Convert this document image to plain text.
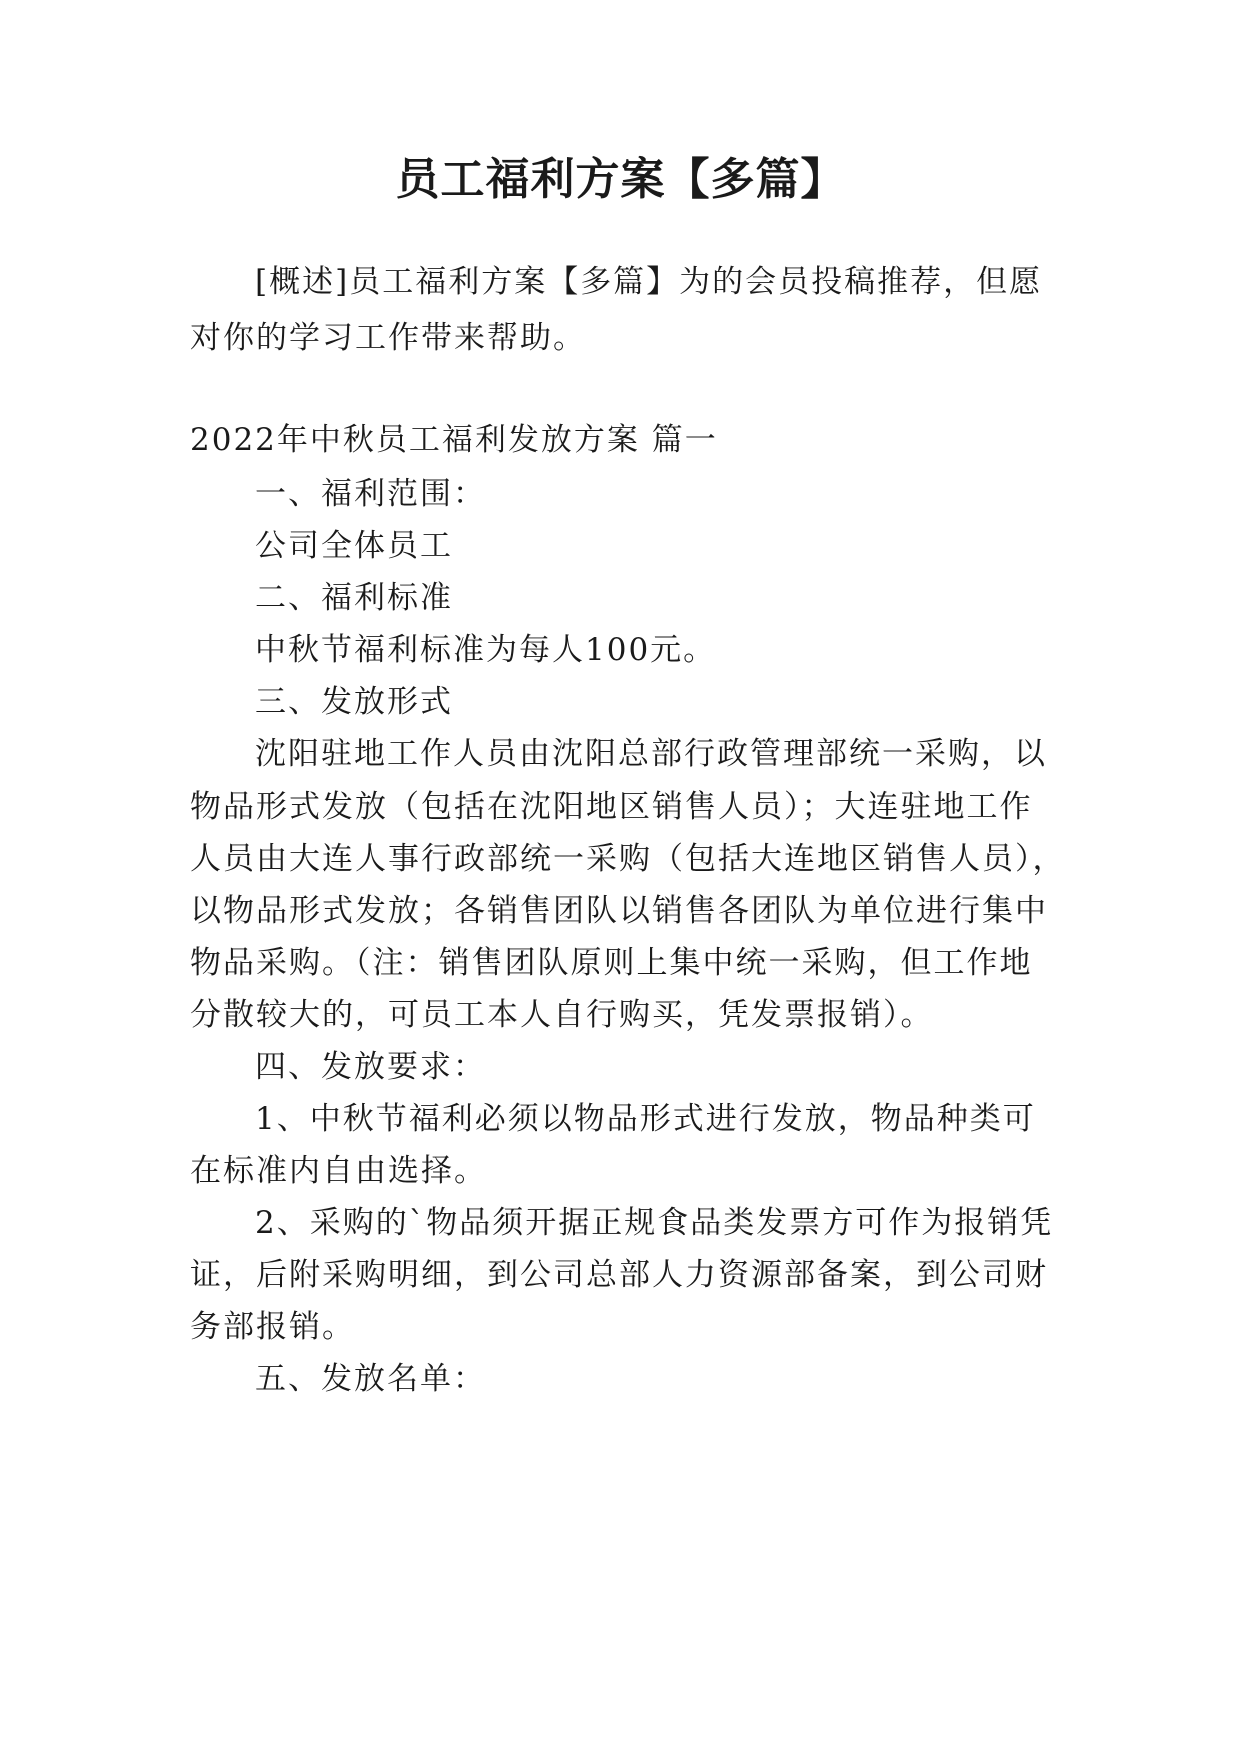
员工福利方案【多篇】
[概述]员工福利方案【多篇】为的会员投稿推荐，但愿
对你的学习工作带来帮助。
2022年中秋员工福利发放方案 篇一
一、福利范围：
公司全体员工
二、福利标准
中秋节福利标准为每人100元。
三、发放形式
沈阳驻地工作人员由沈阳总部行政管理部统一采购，以
物品形式发放（包括在沈阳地区销售人员）；大连驻地工作
人员由大连人事行政部统一采购（包括大连地区销售人员），
以物品形式发放；各销售团队以销售各团队为单位进行集中
物品采购。（注：销售团队原则上集中统一采购，但工作地
分散较大的，可员工本人自行购买，凭发票报销）。
四、发放要求：
1、中秋节福利必须以物品形式进行发放，物品种类可
在标准内自由选择。
2、采购的`物品须开据正规食品类发票方可作为报销凭
证，后附采购明细，到公司总部人力资源部备案，到公司财
务部报销。
五、发放名单：
